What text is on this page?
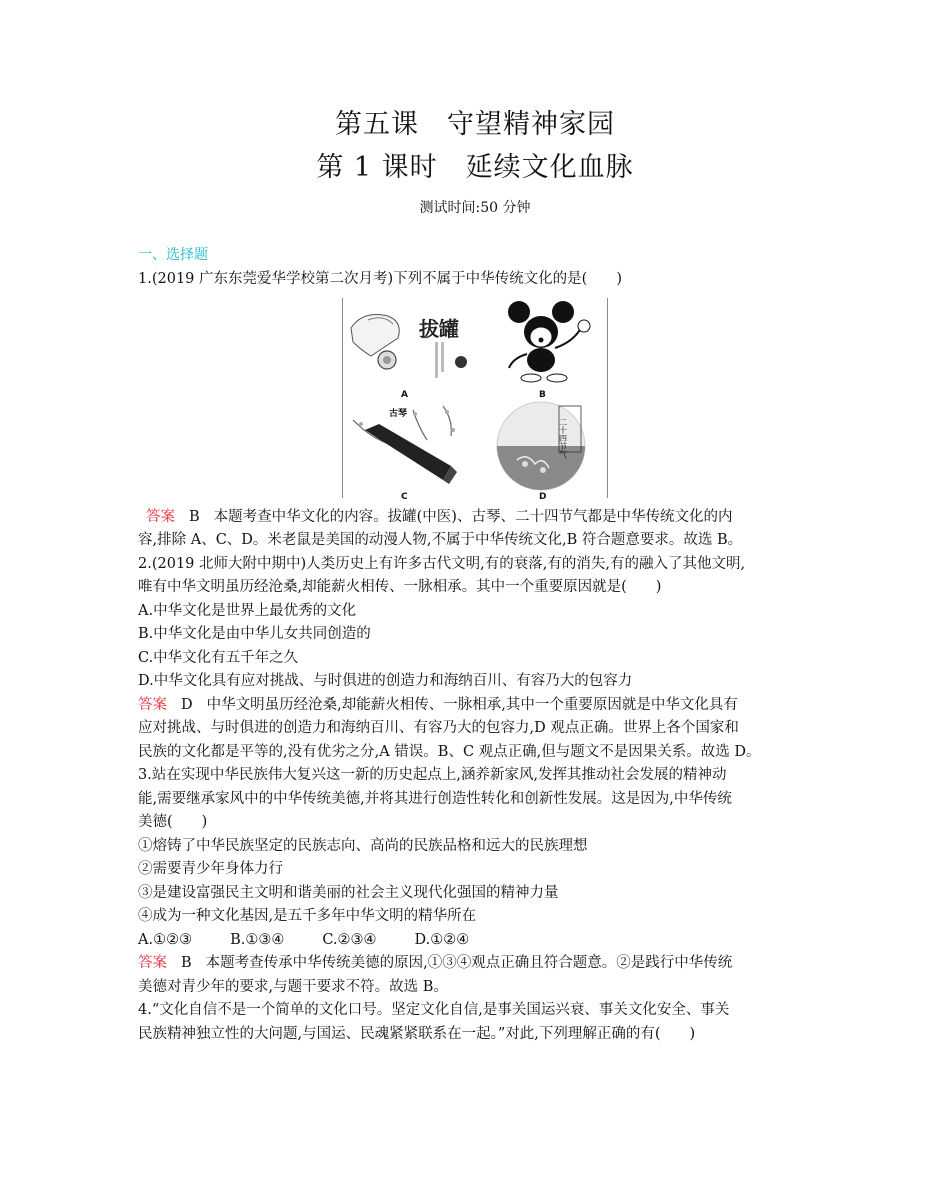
第五课 守望精神家园
第 1 课时 延续文化血脉
测试时间:50 分钟
一、选择题
1.(2019 广东东莞爱华学校第二次月考)下列不属于中华传统文化的是(　　)
拔罐
A	B
古琴
C
二十四节气
D
答案 B 本题考查中华文化的内容。拔罐(中医)、古琴、二十四节气都是中华传统文化的内
容,排除 A、C、D。米老鼠是美国的动漫人物,不属于中华传统文化,B 符合题意要求。故选 B。
2.(2019 北师大附中期中)人类历史上有许多古代文明,有的衰落,有的消失,有的融入了其他文明,
唯有中华文明虽历经沧桑,却能薪火相传、一脉相承。其中一个重要原因就是(　　)
A.中华文化是世界上最优秀的文化
B.中华文化是由中华儿女共同创造的
C.中华文化有五千年之久
D.中华文化具有应对挑战、与时俱进的创造力和海纳百川、有容乃大的包容力
答案 D 中华文明虽历经沧桑,却能薪火相传、一脉相承,其中一个重要原因就是中华文化具有
应对挑战、与时俱进的创造力和海纳百川、有容乃大的包容力,D 观点正确。世界上各个国家和
民族的文化都是平等的,没有优劣之分,A 错误。B、C 观点正确,但与题文不是因果关系。故选 D。
3.站在实现中华民族伟大复兴这一新的历史起点上,涵养新家风,发挥其推动社会发展的精神动
能,需要继承家风中的中华传统美德,并将其进行创造性转化和创新性发展。这是因为,中华传统
美德(　　)
①熔铸了中华民族坚定的民族志向、高尚的民族品格和远大的民族理想
②需要青少年身体力行
③是建设富强民主文明和谐美丽的社会主义现代化强国的精神力量
④成为一种文化基因,是五千多年中华文明的精华所在
A.①②③	B.①③④	C.②③④	D.①②④
答案 B 本题考查传承中华传统美德的原因,①③④观点正确且符合题意。②是践行中华传统
美德对青少年的要求,与题干要求不符。故选 B。
4.“文化自信不是一个简单的文化口号。坚定文化自信,是事关国运兴衰、事关文化安全、事关
民族精神独立性的大问题,与国运、民魂紧紧联系在一起。”对此,下列理解正确的有(　　)
